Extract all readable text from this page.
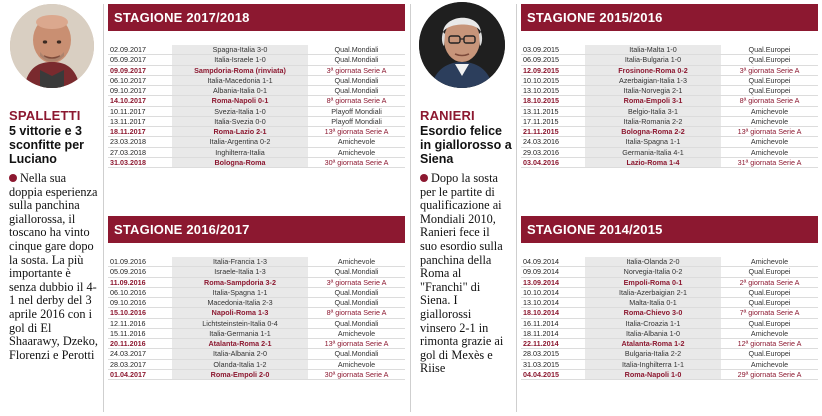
SPALLETTI
5 vittorie e 3 sconfitte per Luciano
Nella sua doppia esperienza sulla panchina giallorossa, il toscano ha vinto cinque gare dopo la sosta. La più importante è senza dubbio il 4-1 nel derby del 3 aprile 2016 con i gol di El Shaarawy, Dzeko, Florenzi e Perotti
STAGIONE 2017/2018
02.09.2017	Spagna-Italia 3-0	Qual.Mondiali
05.09.2017	Italia-Israele 1-0	Qual.Mondiali
09.09.2017	Sampdoria-Roma (rinviata)	3ª giornata Serie A
06.10.2017	Italia-Macedonia 1-1	Qual.Mondiali
09.10.2017	Albania-Italia 0-1	Qual.Mondiali
14.10.2017	Roma-Napoli 0-1	8ª giornata Serie A
10.11.2017	Svezia-Italia 1-0	Playoff Mondiali
13.11.2017	Italia-Svezia 0-0	Playoff Mondiali
18.11.2017	Roma-Lazio 2-1	13ª giornata Serie A
23.03.2018	Italia-Argentina 0-2	Amichevole
27.03.2018	Inghilterra-Italia	Amichevole
31.03.2018	Bologna-Roma	30ª giornata Serie A
STAGIONE 2016/2017
01.09.2016	Italia-Francia 1-3	Amichevole
05.09.2016	Israele-Italia 1-3	Qual.Mondiali
11.09.2016	Roma-Sampdoria 3-2	3ª giornata Serie A
06.10.2016	Italia-Spagna 1-1	Qual.Mondiali
09.10.2016	Macedonia-Italia 2-3	Qual.Mondiali
15.10.2016	Napoli-Roma 1-3	8ª giornata Serie A
12.11.2016	Lichtsteinstein-Italia 0-4	Qual.Mondiali
15.11.2016	Italia-Germania 1-1	Amichevole
20.11.2016	Atalanta-Roma 2-1	13ª giornata Serie A
24.03.2017	Italia-Albania 2-0	Qual.Mondiali
28.03.2017	Olanda-Italia 1-2	Amichevole
01.04.2017	Roma-Empoli 2-0	30ª giornata Serie A
RANIERI
Esordio felice in giallorosso a Siena
Dopo la sosta per le partite di qualificazione ai Mondiali 2010, Ranieri fece il suo esordio sulla panchina della Roma al "Franchi" di Siena. I giallorossi vinsero 2-1 in rimonta grazie ai gol di Mexès e Riise
STAGIONE 2015/2016
03.09.2015	Italia-Malta 1-0	Qual.Europei
06.09.2015	Italia-Bulgaria 1-0	Qual.Europei
12.09.2015	Frosinone-Roma 0-2	3ª giornata Serie A
10.10.2015	Azerbaigian-Italia 1-3	Qual.Europei
13.10.2015	Italia-Norvegia 2-1	Qual.Europei
18.10.2015	Roma-Empoli 3-1	8ª giornata Serie A
13.11.2015	Belgio-Italia 3-1	Amichevole
17.11.2015	Italia-Romania 2-2	Amichevole
21.11.2015	Bologna-Roma 2-2	13ª giornata Serie A
24.03.2016	Italia-Spagna 1-1	Amichevole
29.03.2016	Germania-Italia 4-1	Amichevole
03.04.2016	Lazio-Roma 1-4	31ª giornata Serie A
STAGIONE 2014/2015
04.09.2014	Italia-Olanda 2-0	Amichevole
09.09.2014	Norvegia-Italia 0-2	Qual.Europei
13.09.2014	Empoli-Roma 0-1	2ª giornata Serie A
10.10.2014	Italia-Azerbaigian 2-1	Qual.Europei
13.10.2014	Malta-Italia 0-1	Qual.Europei
18.10.2014	Roma-Chievo 3-0	7ª giornata Serie A
16.11.2014	Italia-Croazia 1-1	Qual.Europei
18.11.2014	Italia-Albania 1-0	Amichevole
22.11.2014	Atalanta-Roma 1-2	12ª giornata Serie A
28.03.2015	Bulgaria-Italia 2-2	Qual.Europei
31.03.2015	Italia-Inghilterra 1-1	Amichevole
04.04.2015	Roma-Napoli 1-0	29ª giornata Serie A
